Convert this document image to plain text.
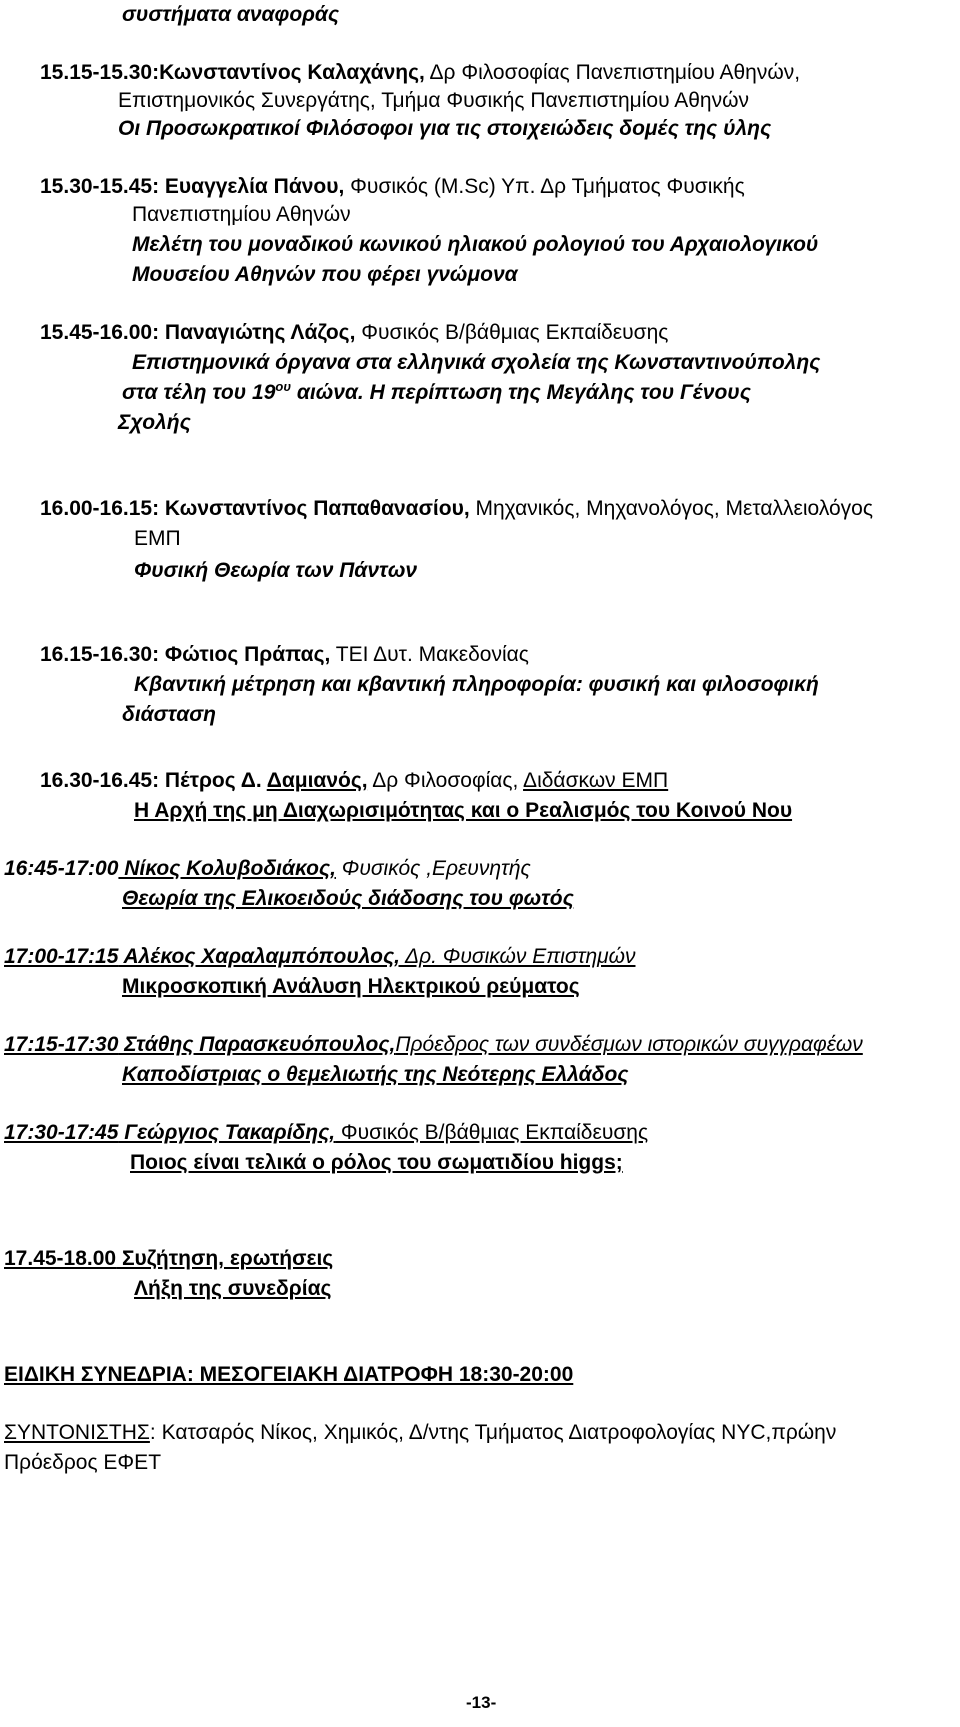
συστήματα αναφοράς
15.15-15.30:Κωνσταντίνος Καλαχάνης, Δρ Φιλοσοφίας Πανεπιστημίου Αθηνών,
Επιστημονικός Συνεργάτης, Τμήμα Φυσικής Πανεπιστημίου Αθηνών
Οι Προσωκρατικοί Φιλόσοφοι για τις στοιχειώδεις δομές της ύλης
15.30-15.45: Ευαγγελία Πάνου, Φυσικός (M.Sc) Υπ. Δρ Τμήματος Φυσικής
Πανεπιστημίου Αθηνών
Μελέτη του μοναδικού κωνικού ηλιακού ρολογιού του Αρχαιολογικού
Μουσείου Αθηνών που φέρει γνώμονα
15.45-16.00: Παναγιώτης Λάζος, Φυσικός Β/βάθμιας Εκπαίδευσης
Επιστημονικά όργανα στα ελληνικά σχολεία της Κωνσταντινούπολης
στα τέλη του $19^{o\upsilon}$ αιώνα. Η περίπτωση της Μεγάλης του Γένους
Σχολής
16.00-16.15: Κωνσταντίνος Παπαθανασίου, Μηχανικός, Μηχανολόγος, Μεταλλειολόγος
ΕΜΠ
Φυσική Θεωρία των Πάντων
16.15-16.30: Φώτιος Πράπας, ΤΕΙ Δυτ. Μακεδονίας
Κβαντική μέτρηση και κβαντική πληροφορία: φυσική και φιλοσοφική
διάσταση
16.30-16.45: Πέτρος Δ. Δαμιανός, Δρ Φιλοσοφίας, Διδάσκων ΕΜΠ
Η Αρχή της μη Διαχωρισιμότητας και ο Ρεαλισμός του Κοινού Νου
16:45-17:00 Νίκος Κολυβοδιάκος, Φυσικός ,Ερευνητής
Θεωρία της Ελικοειδούς διάδοσης του φωτός
17:00-17:15 Αλέκος Χαραλαμπόπουλος, Δρ. Φυσικών Επιστημών
Μικροσκοπική Ανάλυση Ηλεκτρικού ρεύματος
17:15-17:30 Στάθης Παρασκευόπουλος,Πρόεδρος των συνδέσμων ιστορικών συγγραφέων
Καποδίστριας ο θεμελιωτής της Νεότερης Ελλάδος
17:30-17:45 Γεώργιος Τακαρίδης, Φυσικός Β/βάθμιας Εκπαίδευσης
Ποιος είναι τελικά ο ρόλος του σωματιδίου higgs;
17.45-18.00 Συζήτηση, ερωτήσεις
Λήξη της συνεδρίας
ΕΙΔΙΚΗ ΣΥΝΕΔΡΙΑ: ΜΕΣΟΓΕΙΑΚΗ ΔΙΑΤΡΟΦΗ 18:30-20:00
ΣΥΝΤΟΝΙΣΤΗΣ: Κατσαρός Νίκος, Χημικός, Δ/ντης Τμήματος Διατροφολογίας NYC,πρώην
Πρόεδρος ΕΦΕΤ
-13-
